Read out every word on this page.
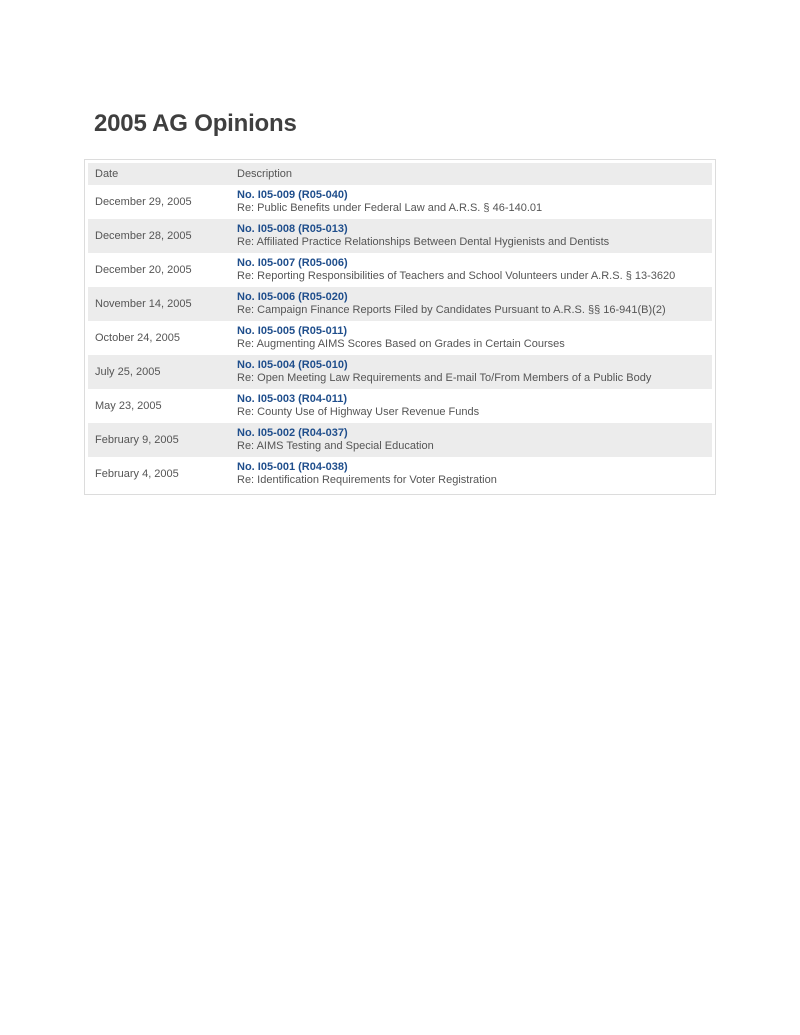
2005 AG Opinions
Date	Description
December 29, 2005	No. I05-009 (R05-040)
Re: Public Benefits under Federal Law and A.R.S. § 46-140.01

December 28, 2005	No. I05-008 (R05-013)
Re: Affiliated Practice Relationships Between Dental Hygienists and Dentists

December 20, 2005	No. I05-007 (R05-006)
Re: Reporting Responsibilities of Teachers and School Volunteers under A.R.S. § 13-3620

November 14, 2005	No. I05-006 (R05-020)
Re: Campaign Finance Reports Filed by Candidates Pursuant to A.R.S. §§ 16-941(B)(2)

October 24, 2005	No. I05-005 (R05-011)
Re: Augmenting AIMS Scores Based on Grades in Certain Courses

July 25, 2005	No. I05-004 (R05-010)
Re: Open Meeting Law Requirements and E-mail To/From Members of a Public Body

May 23, 2005	No. I05-003 (R04-011)
Re: County Use of Highway User Revenue Funds

February 9, 2005	No. I05-002 (R04-037)
Re: AIMS Testing and Special Education

February 4, 2005	No. I05-001 (R04-038)
Re: Identification Requirements for Voter Registration
